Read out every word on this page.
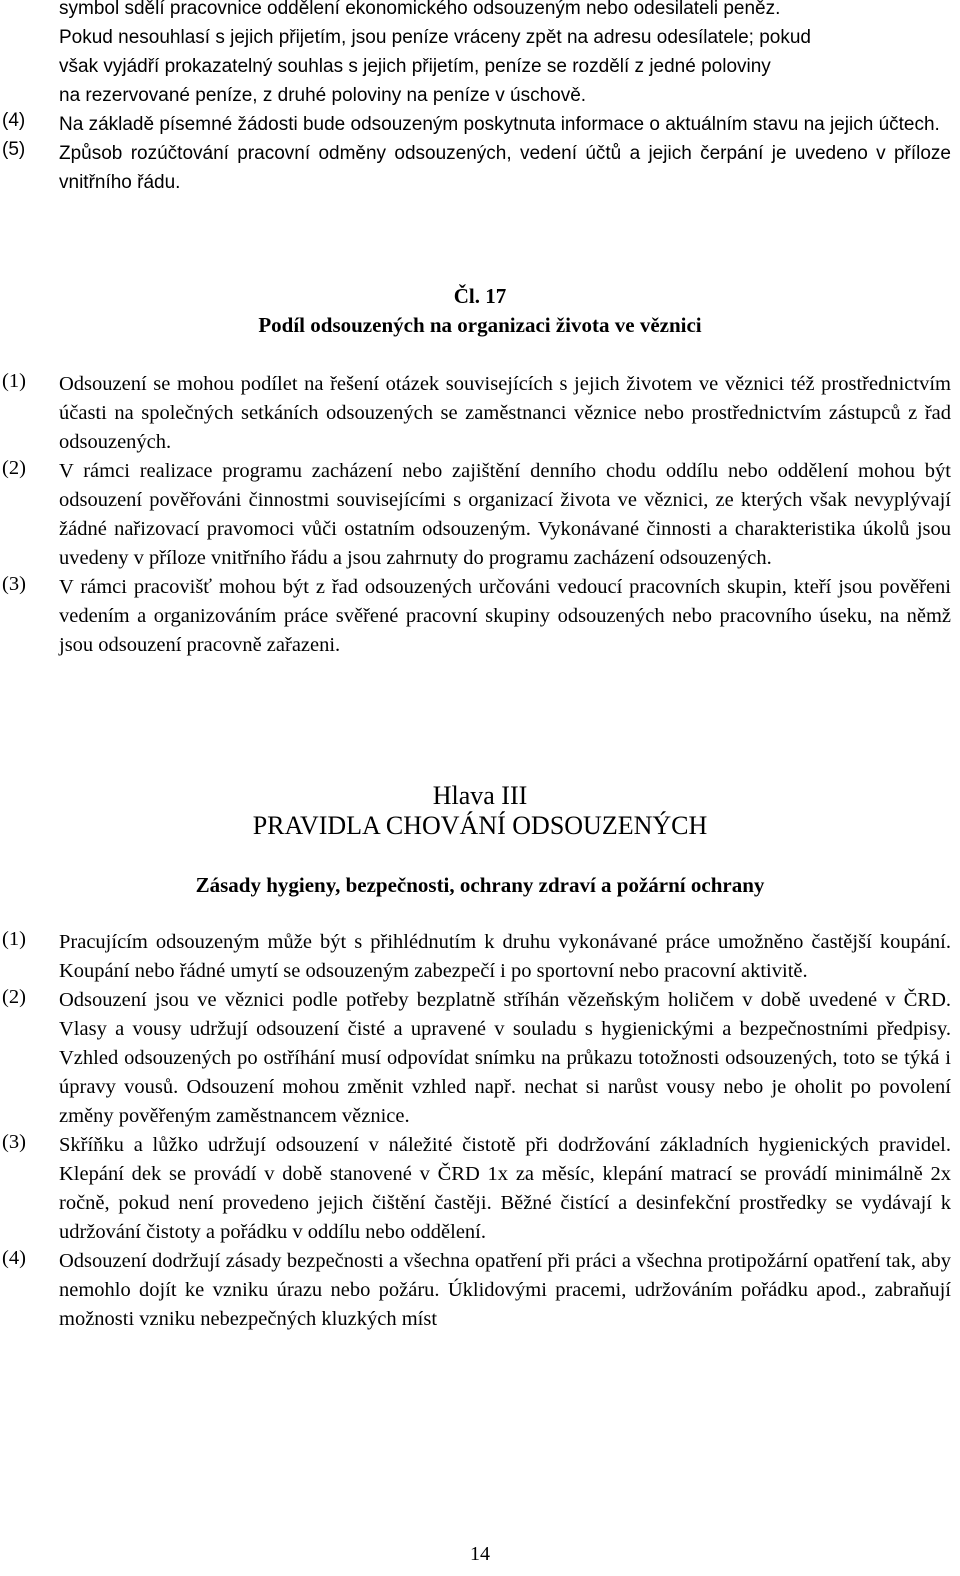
symbol sdělí pracovnice oddělení ekonomického odsouzeným nebo odesilateli peněz.
Pokud nesouhlasí s jejich přijetím, jsou peníze vráceny zpět na adresu odesílatele; pokud
však vyjádří prokazatelný souhlas s jejich přijetím, peníze se rozdělí z jedné poloviny
na rezervované peníze, z druhé poloviny na peníze v úschově.
(4) Na základě písemné žádosti bude odsouzeným poskytnuta informace o aktuálním stavu na jejich účtech.
(5) Způsob rozúčtování pracovní odměny odsouzených, vedení účtů a jejich čerpání je uvedeno v příloze vnitřního řádu.
Čl. 17
Podíl odsouzených na organizaci života ve věznici
(1) Odsouzení se mohou podílet na řešení otázek souvisejících s jejich životem ve věznici též prostřednictvím účasti na společných setkáních odsouzených se zaměstnanci věznice nebo prostřednictvím zástupců z řad odsouzených.
(2) V rámci realizace programu zacházení nebo zajištění denního chodu oddílu nebo oddělení mohou být odsouzení pověřováni činnostmi souvisejícími s organizací života ve věznici, ze kterých však nevyplývají žádné nařizovací pravomoci vůči ostatním odsouzeným. Vykonávané činnosti a charakteristika úkolů jsou uvedeny v příloze vnitřního řádu a jsou zahrnuty do programu zacházení odsouzených.
(3) V rámci pracovišť mohou být z řad odsouzených určováni vedoucí pracovních skupin, kteří jsou pověřeni vedením a organizováním práce svěřené pracovní skupiny odsouzených nebo pracovního úseku, na němž jsou odsouzení pracovně zařazeni.
Hlava III
PRAVIDLA CHOVÁNÍ ODSOUZENÝCH
Zásady hygieny, bezpečnosti, ochrany zdraví a požární ochrany
(1) Pracujícím odsouzeným může být s přihlédnutím k druhu vykonávané práce umožněno častější koupání. Koupání nebo řádné umytí se odsouzeným zabezpečí i po sportovní nebo pracovní aktivitě.
(2) Odsouzení jsou ve věznici podle potřeby bezplatně stříhán vězeňským holičem v době uvedené v ČRD. Vlasy a vousy udržují odsouzení čisté a upravené v souladu s hygienickými a bezpečnostními předpisy. Vzhled odsouzených po ostříhání musí odpovídat snímku na průkazu totožnosti odsouzených, toto se týká i úpravy vousů. Odsouzení mohou změnit vzhled např. nechat si narůst vousy nebo je oholit po povolení změny pověřeným zaměstnancem věznice.
(3) Skříňku a lůžko udržují odsouzení v náležité čistotě při dodržování základních hygienických pravidel. Klepání dek se provádí v době stanovené v ČRD 1x za měsíc, klepání matrací se provádí minimálně 2x ročně, pokud není provedeno jejich čištění častěji. Běžné čistící a desinfekční prostředky se vydávají k udržování čistoty a pořádku v oddílu nebo oddělení.
(4) Odsouzení dodržují zásady bezpečnosti a všechna opatření při práci a všechna protipožární opatření tak, aby nemohlo dojít ke vzniku úrazu nebo požáru. Úklidovými pracemi, udržováním pořádku apod., zabraňují možnosti vzniku nebezpečných kluzkých míst
14
